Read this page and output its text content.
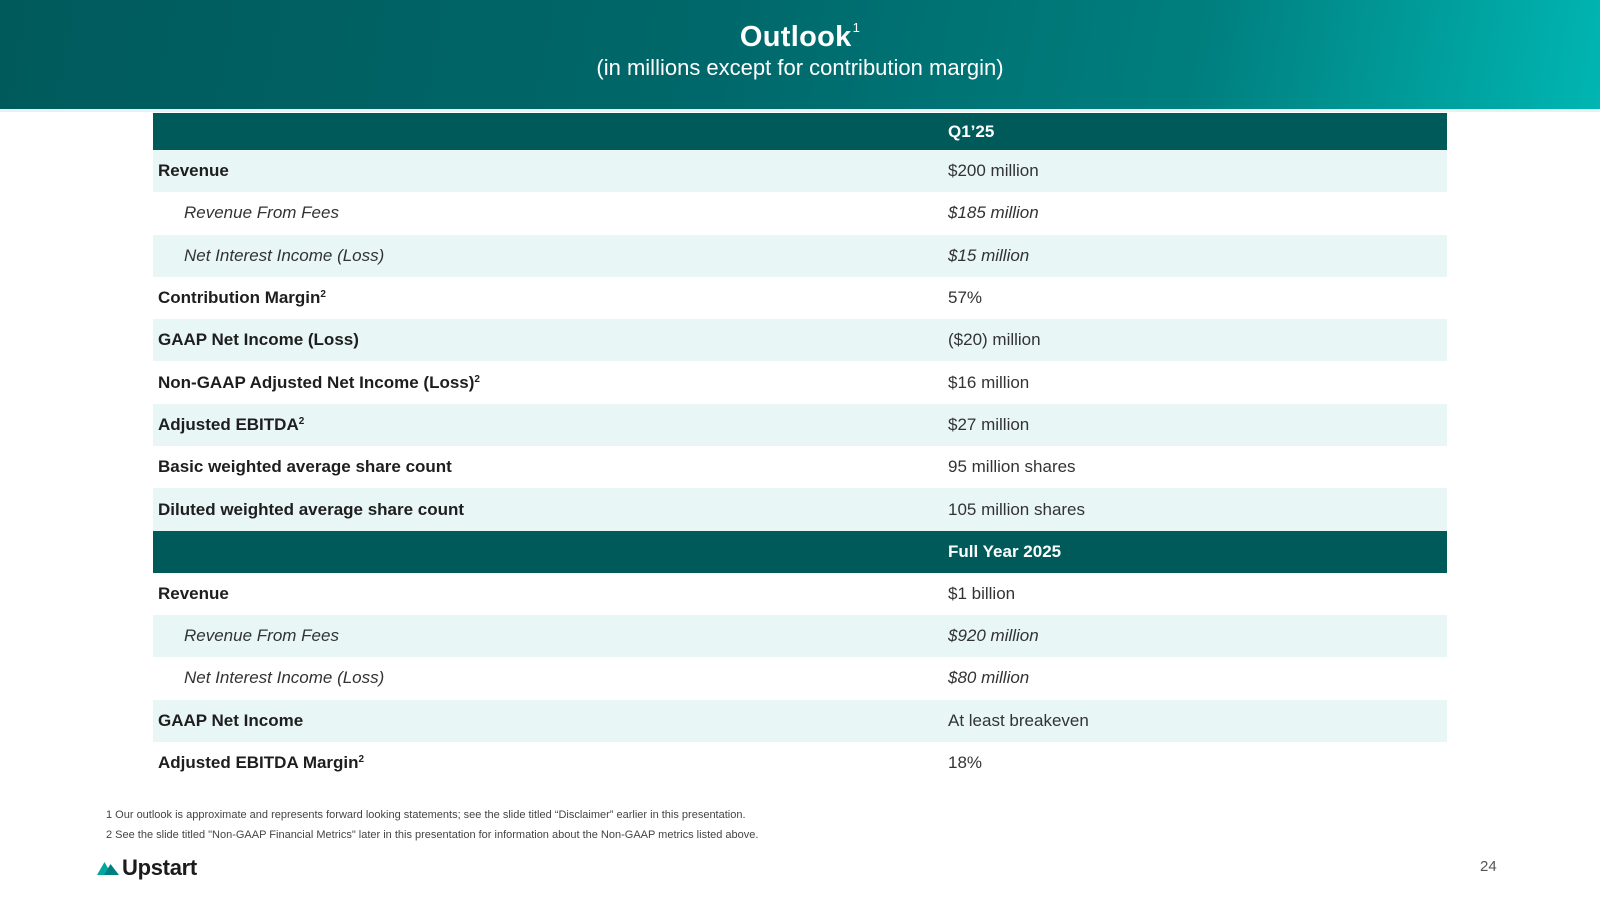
Outlook$^1$
(in millions except for contribution margin)
Q1’25
Revenue	$200 million
Revenue From Fees	$185 million
Net Interest Income (Loss)	$15 million
Contribution Margin$^2$	57%
GAAP Net Income (Loss)	($20) million
Non-GAAP Adjusted Net Income (Loss)$^2$	$16 million
Adjusted EBITDA$^2$	$27 million
Basic weighted average share count	95 million shares
Diluted weighted average share count	105 million shares
Full Year 2025
Revenue	$1 billion
Revenue From Fees	$920 million
Net Interest Income (Loss)	$80 million
GAAP Net Income	At least breakeven
Adjusted EBITDA Margin$^2$	18%
1 Our outlook is approximate and represents forward looking statements; see the slide titled “Disclaimer” earlier in this presentation.
2 See the slide titled "Non-GAAP Financial Metrics" later in this presentation for information about the Non-GAAP metrics listed above.
Upstart	24
